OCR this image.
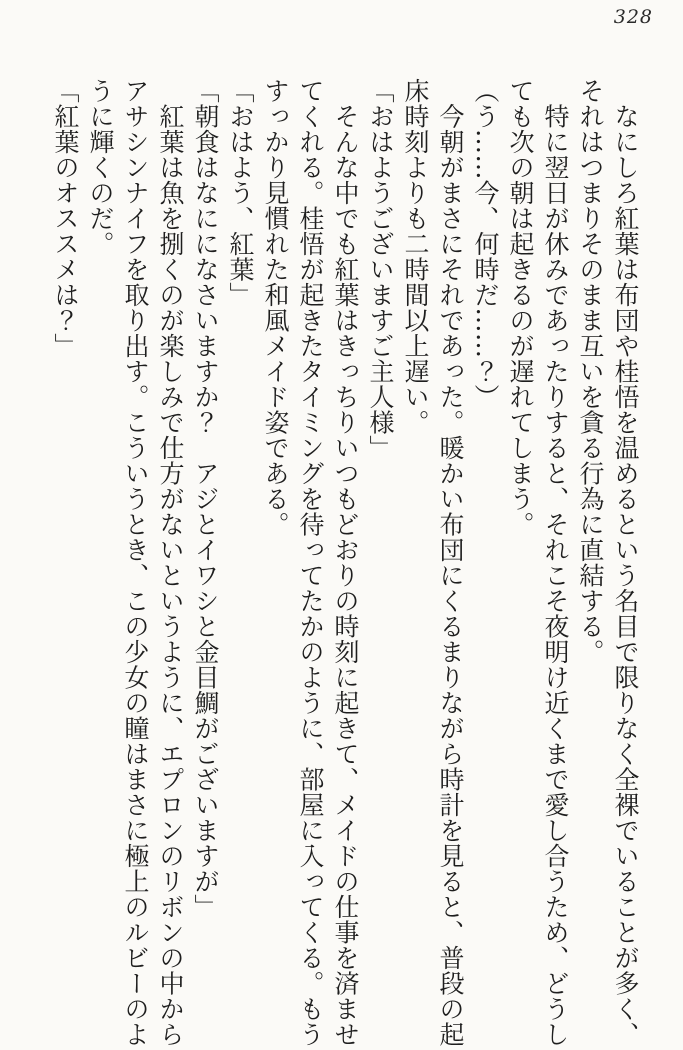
328

　なにしろ紅葉は布団や桂悟を温めるという名目で限りなく全裸でいることが多く、

それはつまりそのまま互いを貪る行為に直結する。

　特に翌日が休みであったりすると、それこそ夜明け近くまで愛し合うため、どうし

ても次の朝は起きるのが遅れてしまう。

（う……今、何時だ……？）

　今朝がまさにそれであった。暖かい布団にくるまりながら時計を見ると、普段の起

床時刻よりも二時間以上遅い。

「おはようございますご主人様」

　そんな中でも紅葉はきっちりいつもどおりの時刻に起きて、メイドの仕事を済ませ

てくれる。桂悟が起きたタイミングを待ってたかのように、部屋に入ってくる。もう

すっかり見慣れた和風メイド姿である。

「おはよう、紅葉」

「朝食はなにになさいますか？　アジとイワシと金目鯛がございますが」

　紅葉は魚を捌くのが楽しみで仕方がないというように、エプロンのリボンの中から

アサシンナイフを取り出す。こういうとき、この少女の瞳はまさに極上のルビーのよ

うに輝くのだ。

「紅葉のオススメは？」
